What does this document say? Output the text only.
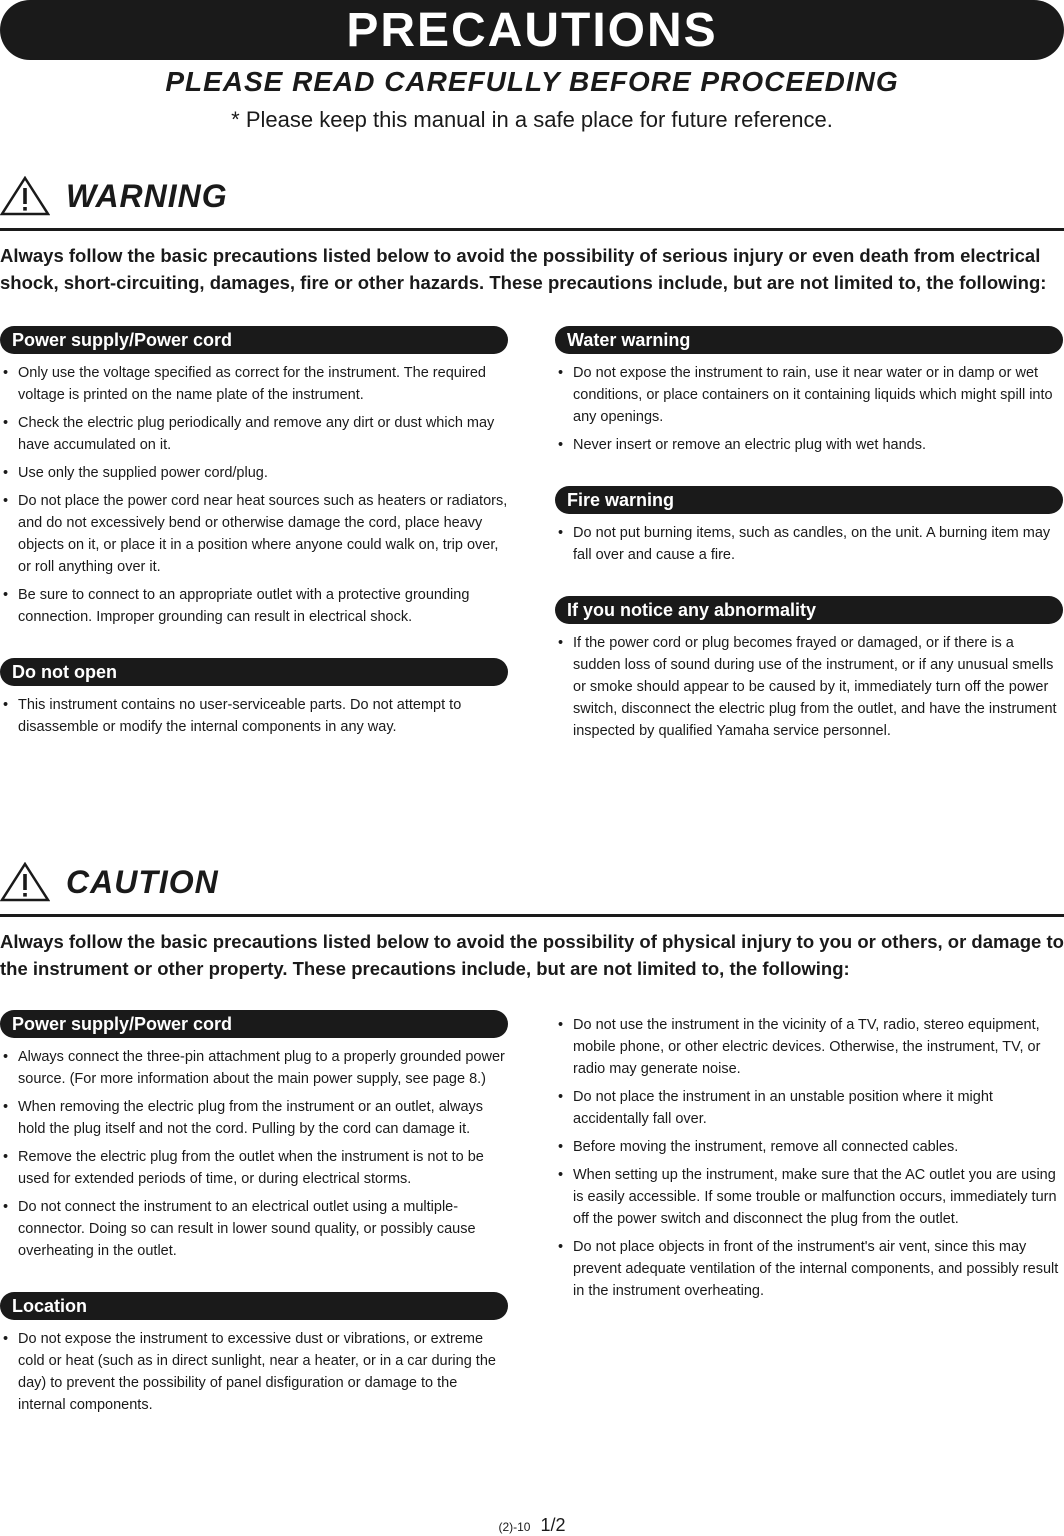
PRECAUTIONS
PLEASE READ CAREFULLY BEFORE PROCEEDING
* Please keep this manual in a safe place for future reference.
WARNING
Always follow the basic precautions listed below to avoid the possibility of serious injury or even death from electrical shock, short-circuiting, damages, fire or other hazards. These precautions include, but are not limited to, the following:
Power supply/Power cord
• Only use the voltage specified as correct for the instrument. The required voltage is printed on the name plate of the instrument.
• Check the electric plug periodically and remove any dirt or dust which may have accumulated on it.
• Use only the supplied power cord/plug.
• Do not place the power cord near heat sources such as heaters or radiators, and do not excessively bend or otherwise damage the cord, place heavy objects on it, or place it in a position where anyone could walk on, trip over, or roll anything over it.
• Be sure to connect to an appropriate outlet with a protective grounding connection. Improper grounding can result in electrical shock.
Do not open
• This instrument contains no user-serviceable parts. Do not attempt to disassemble or modify the internal components in any way.
Water warning
• Do not expose the instrument to rain, use it near water or in damp or wet conditions, or place containers on it containing liquids which might spill into any openings.
• Never insert or remove an electric plug with wet hands.
Fire warning
• Do not put burning items, such as candles, on the unit. A burning item may fall over and cause a fire.
If you notice any abnormality
• If the power cord or plug becomes frayed or damaged, or if there is a sudden loss of sound during use of the instrument, or if any unusual smells or smoke should appear to be caused by it, immediately turn off the power switch, disconnect the electric plug from the outlet, and have the instrument inspected by qualified Yamaha service personnel.
CAUTION
Always follow the basic precautions listed below to avoid the possibility of physical injury to you or others, or damage to the instrument or other property. These precautions include, but are not limited to, the following:
Power supply/Power cord
• Always connect the three-pin attachment plug to a properly grounded power source. (For more information about the main power supply, see page 8.)
• When removing the electric plug from the instrument or an outlet, always hold the plug itself and not the cord. Pulling by the cord can damage it.
• Remove the electric plug from the outlet when the instrument is not to be used for extended periods of time, or during electrical storms.
• Do not connect the instrument to an electrical outlet using a multiple-connector. Doing so can result in lower sound quality, or possibly cause overheating in the outlet.
Location
• Do not expose the instrument to excessive dust or vibrations, or extreme cold or heat (such as in direct sunlight, near a heater, or in a car during the day) to prevent the possibility of panel disfiguration or damage to the internal components.
• Do not use the instrument in the vicinity of a TV, radio, stereo equipment, mobile phone, or other electric devices. Otherwise, the instrument, TV, or radio may generate noise.
• Do not place the instrument in an unstable position where it might accidentally fall over.
• Before moving the instrument, remove all connected cables.
• When setting up the instrument, make sure that the AC outlet you are using is easily accessible. If some trouble or malfunction occurs, immediately turn off the power switch and disconnect the plug from the outlet.
• Do not place objects in front of the instrument's air vent, since this may prevent adequate ventilation of the internal components, and possibly result in the instrument overheating.
(2)-10 1/2
